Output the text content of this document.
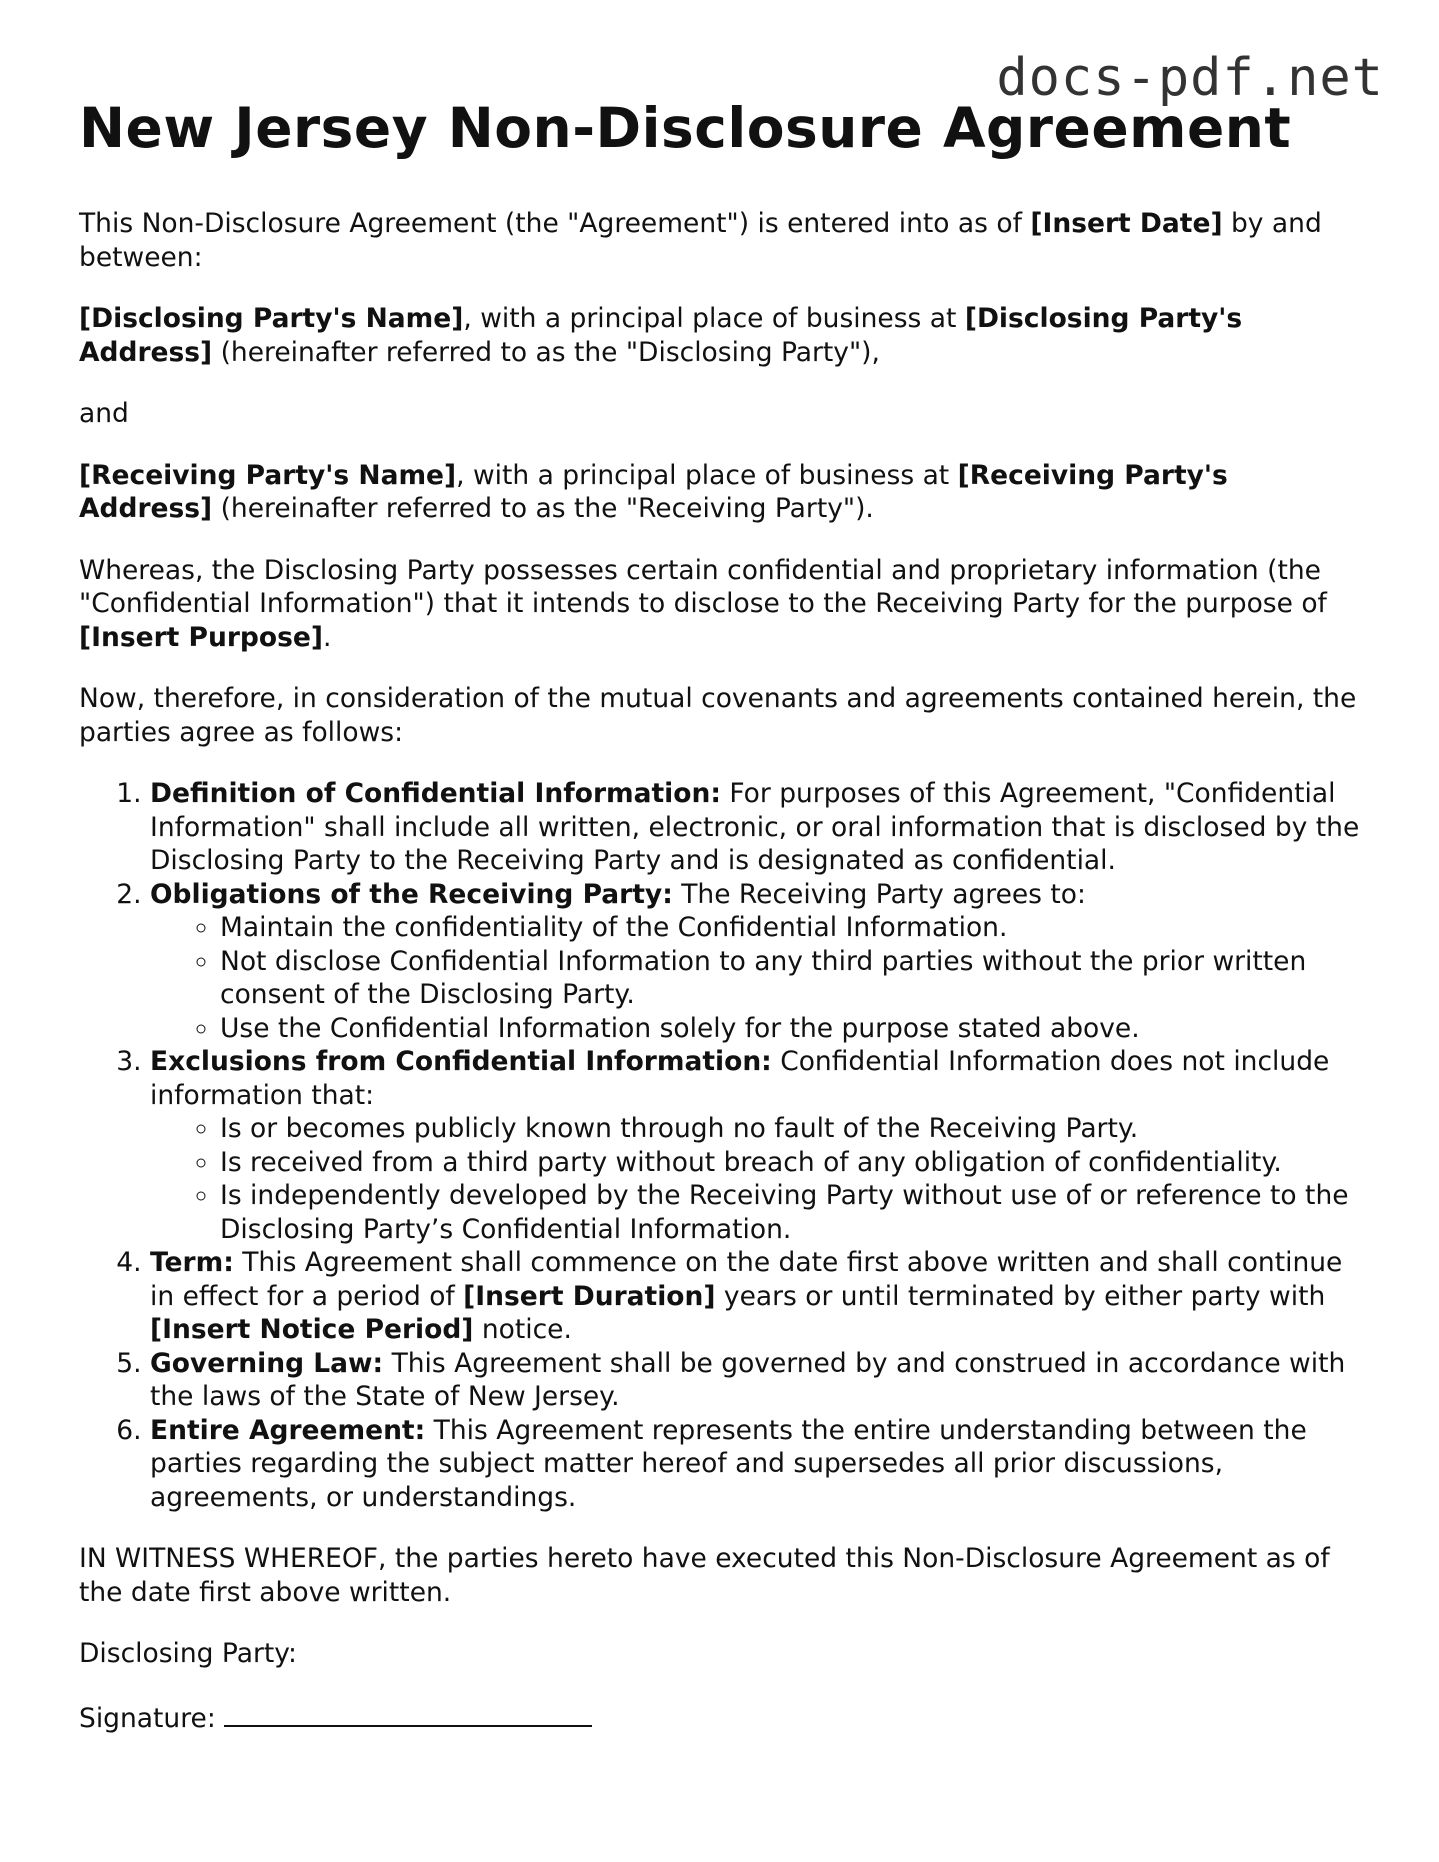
docs-pdf.net
New Jersey Non-Disclosure Agreement

This Non-Disclosure Agreement (the "Agreement") is entered into as of [Insert Date] by and between:

[Disclosing Party's Name], with a principal place of business at [Disclosing Party's Address] (hereinafter referred to as the "Disclosing Party"),

and

[Receiving Party's Name], with a principal place of business at [Receiving Party's Address] (hereinafter referred to as the "Receiving Party").

Whereas, the Disclosing Party possesses certain confidential and proprietary information (the "Confidential Information") that it intends to disclose to the Receiving Party for the purpose of [Insert Purpose].

Now, therefore, in consideration of the mutual covenants and agreements contained herein, the parties agree as follows:

1. Definition of Confidential Information: For purposes of this Agreement, "Confidential Information" shall include all written, electronic, or oral information that is disclosed by the Disclosing Party to the Receiving Party and is designated as confidential.
2. Obligations of the Receiving Party: The Receiving Party agrees to:
◦ Maintain the confidentiality of the Confidential Information.
◦ Not disclose Confidential Information to any third parties without the prior written consent of the Disclosing Party.
◦ Use the Confidential Information solely for the purpose stated above.
3. Exclusions from Confidential Information: Confidential Information does not include information that:
◦ Is or becomes publicly known through no fault of the Receiving Party.
◦ Is received from a third party without breach of any obligation of confidentiality.
◦ Is independently developed by the Receiving Party without use of or reference to the Disclosing Party’s Confidential Information.
4. Term: This Agreement shall commence on the date first above written and shall continue in effect for a period of [Insert Duration] years or until terminated by either party with [Insert Notice Period] notice.
5. Governing Law: This Agreement shall be governed by and construed in accordance with the laws of the State of New Jersey.
6. Entire Agreement: This Agreement represents the entire understanding between the parties regarding the subject matter hereof and supersedes all prior discussions, agreements, or understandings.

IN WITNESS WHEREOF, the parties hereto have executed this Non-Disclosure Agreement as of the date first above written.

Disclosing Party:

Signature:
